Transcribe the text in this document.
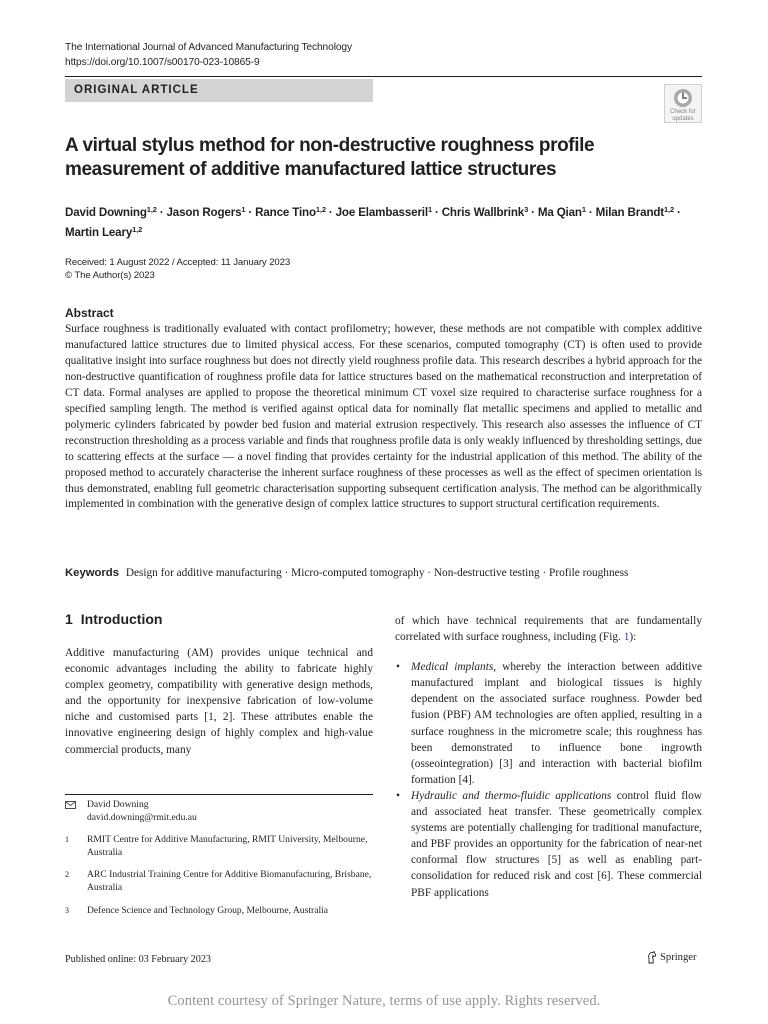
The International Journal of Advanced Manufacturing Technology
https://doi.org/10.1007/s00170-023-10865-9
ORIGINAL ARTICLE
Check for updates
A virtual stylus method for non-destructive roughness profile measurement of additive manufactured lattice structures
David Downing$^{1,2}$ · Jason Rogers$^1$ · Rance Tino$^{1,2}$ · Joe Elambasseril$^1$ · Chris Wallbrink$^3$ · Ma Qian$^1$ · Milan Brandt$^{1,2}$ ·
Martin Leary$^{1,2}$
Received: 1 August 2022 / Accepted: 11 January 2023
© The Author(s) 2023
Abstract

Surface roughness is traditionally evaluated with contact profilometry; however, these methods are not compatible with complex additive manufactured lattice structures due to limited physical access. For these scenarios, computed tomography (CT) is often used to provide qualitative insight into surface roughness but does not directly yield roughness profile data. This research describes a hybrid approach for the non-destructive quantification of roughness profile data for lattice structures based on the mathematical reconstruction and interpretation of CT data. Formal analyses are applied to propose the theoretical minimum CT voxel size required to characterise surface roughness for a specified sampling length. The method is verified against optical data for nominally flat metallic specimens and applied to metallic and polymeric cylinders fabricated by powder bed fusion and material extrusion respectively. This research also assesses the influence of CT reconstruction thresholding as a process variable and finds that roughness profile data is only weakly influenced by thresholding settings, due to scattering effects at the surface — a novel finding that provides certainty for the industrial application of this method. The ability of the proposed method to accurately characterise the inherent surface roughness of these processes as well as the effect of specimen orientation is thus demonstrated, enabling full geometric characterisation supporting subsequent certification analysis. The method can be algorithmically implemented in combination with the generative design of complex lattice structures to support structural certification requirements.

Keywords Design for additive manufacturing · Micro-computed tomography · Non-destructive testing · Profile roughness
1 Introduction

Additive manufacturing (AM) provides unique technical and economic advantages including the ability to fabricate highly complex geometry, compatibility with generative design methods, and the opportunity for inexpensive fabrication of low-volume niche and customised parts [1, 2]. These attributes enable the innovative engineering design of highly complex and high-value commercial products, many

of which have technical requirements that are fundamentally correlated with surface roughness, including (Fig. 1):

• Medical implants, whereby the interaction between additive manufactured implant and biological tissues is highly dependent on the associated surface roughness. Powder bed fusion (PBF) AM technologies are often applied, resulting in a surface roughness in the micrometre scale; this roughness has been demonstrated to influence bone ingrowth (osseointegration) [3] and interaction with bacterial biofilm formation [4].
• Hydraulic and thermo-fluidic applications control fluid flow and associated heat transfer. These geometrically complex systems are potentially challenging for traditional manufacture, and PBF provides an opportunity for the fabrication of near-net conformal flow structures [5] as well as enabling part-consolidation for reduced risk and cost [6]. These commercial PBF applications
David Downing
david.downing@rmit.edu.au
1	RMIT Centre for Additive Manufacturing, RMIT University, Melbourne, Australia
2	ARC Industrial Training Centre for Additive Biomanufacturing, Brisbane, Australia
3	Defence Science and Technology Group, Melbourne, Australia
Published online: 03 February 2023	Springer
Content courtesy of Springer Nature, terms of use apply. Rights reserved.
